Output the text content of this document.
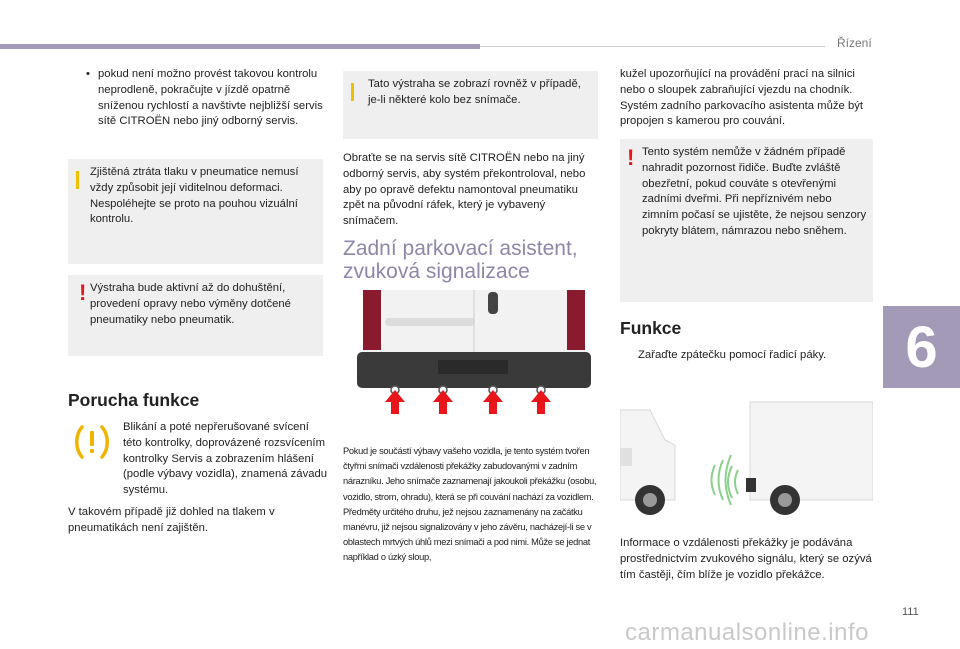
Řízení
6
111
• pokud není možno provést takovou kontrolu neprodleně, pokračujte v jízdě opatrně sníženou rychlostí a navštivte nejbližší servis sítě CITROËN nebo jiný odborný servis.
Zjištěná ztráta tlaku v pneumatice nemusí vždy způsobit její viditelnou deformaci. Nespoléhejte se proto na pouhou vizuální kontrolu.
! Výstraha bude aktivní až do dohuštění, provedení opravy nebo výměny dotčené pneumatiky nebo pneumatik.
Porucha funkce
Blikání a poté nepřerušované svícení této kontrolky, doprovázené rozsvícením kontrolky Servis a zobrazením hlášení (podle výbavy vozidla), znamená závadu systému.
V takovém případě již dohled na tlakem v pneumatikách není zajištěn.
Tato výstraha se zobrazí rovněž v případě, je-li některé kolo bez snímače.
Obraťte se na servis sítě CITROËN nebo na jiný odborný servis, aby systém překontroloval, nebo aby po opravě defektu namontoval pneumatiku zpět na původní ráfek, který je vybavený snímačem.
Zadní parkovací asistent, zvuková signalizace
Pokud je součástí výbavy vašeho vozidla, je tento systém tvořen čtyřmi snímači vzdálenosti překážky zabudovanými v zadním nárazníku. Jeho snímače zaznamenají jakoukoli překážku (osobu, vozidlo, strom, ohradu), která se při couvání nachází za vozidlem. Předměty určitého druhu, jež nejsou zaznamenány na začátku manévru, již nejsou signalizovány v jeho závěru, nacházejí-li se v oblastech mrtvých úhlů mezi snímači a pod nimi. Může se jednat například o úzký sloup,
kužel upozorňující na provádění prací na silnici nebo o sloupek zabraňující vjezdu na chodník. Systém zadního parkovacího asistenta může být propojen s kamerou pro couvání.
! Tento systém nemůže v žádném případě nahradit pozornost řidiče. Buďte zvláště obezřetní, pokud couváte s otevřenými zadními dveřmi. Při nepříznivém nebo zimním počasí se ujistěte, že nejsou senzory pokryty blátem, námrazou nebo sněhem.
Funkce
Zařaďte zpátečku pomocí řadicí páky.
Informace o vzdálenosti překážky je podávána prostřednictvím zvukového signálu, který se ozývá tím častěji, čím blíže je vozidlo překážce.
carmanualsonline.info
